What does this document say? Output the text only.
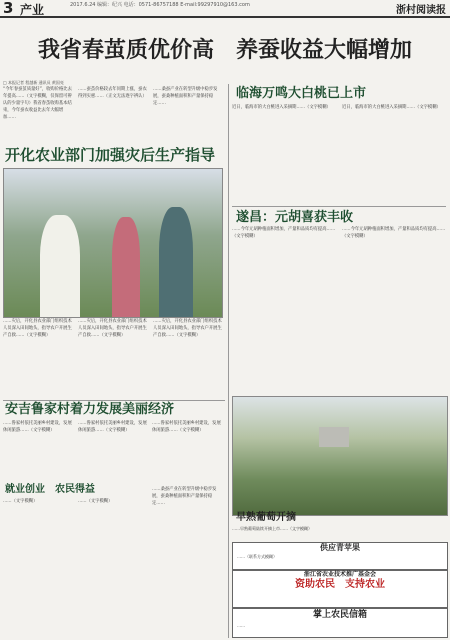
3 产业	2017.6.24 编辑：纪兴 电话：0571-86757188 E-mail:99297910@163.com	浙村阅读报
我省春茧质优价高　养蚕收益大幅增加
□ 本报记者 程越新 通讯员 黄国亮
“今年春蚕茧质量好”，收购价格比去年提高……（文字模糊，仅保留可辨认的少量字句）我省春茧收购基本结束，今年蚕农收益比去年大幅增加……
……蚕茧价格较去年同期上涨，蚕农得到实惠……（正文无法逐字辨认）
……桑蚕产业在转型升级中稳步发展，蚕桑种植面积和产量保持稳定……
开化农业部门加强灾后生产指导
……灾后，开化县农业部门组织技术人员深入田间地头，指导农户开展生产自救……（文字模糊）
……灾后，开化县农业部门组织技术人员深入田间地头，指导农户开展生产自救……（文字模糊）
……灾后，开化县农业部门组织技术人员深入田间地头，指导农户开展生产自救……（文字模糊）
安吉鲁家村着力发展美丽经济
……鲁家村依托美丽乡村建设，发展休闲旅游……（文字模糊）
……鲁家村依托美丽乡村建设，发展休闲旅游……（文字模糊）
……鲁家村依托美丽乡村建设，发展休闲旅游……（文字模糊）
就业创业　农民得益
……（文字模糊）	……（文字模糊）
……桑蚕产业在转型升级中稳步发展，蚕桑种植面积和产量保持稳定……
临海万鸣大白桃已上市
近日，临海市的大白桃进入采摘期……（文字模糊）	近日，临海市的大白桃进入采摘期……（文字模糊）
遂昌：元胡喜获丰收
……今年元胡种植面积增加，产量和品质均有提高……（文字模糊）
……今年元胡种植面积增加，产量和品质均有提高……（文字模糊）
早熟葡萄开摘
……早熟葡萄陆续开摘上市……（文字模糊）
供应青苹果
……（联系方式模糊）
浙江省农业技术推广基金会
资助农民　支持农业
掌上农民信箱
……
